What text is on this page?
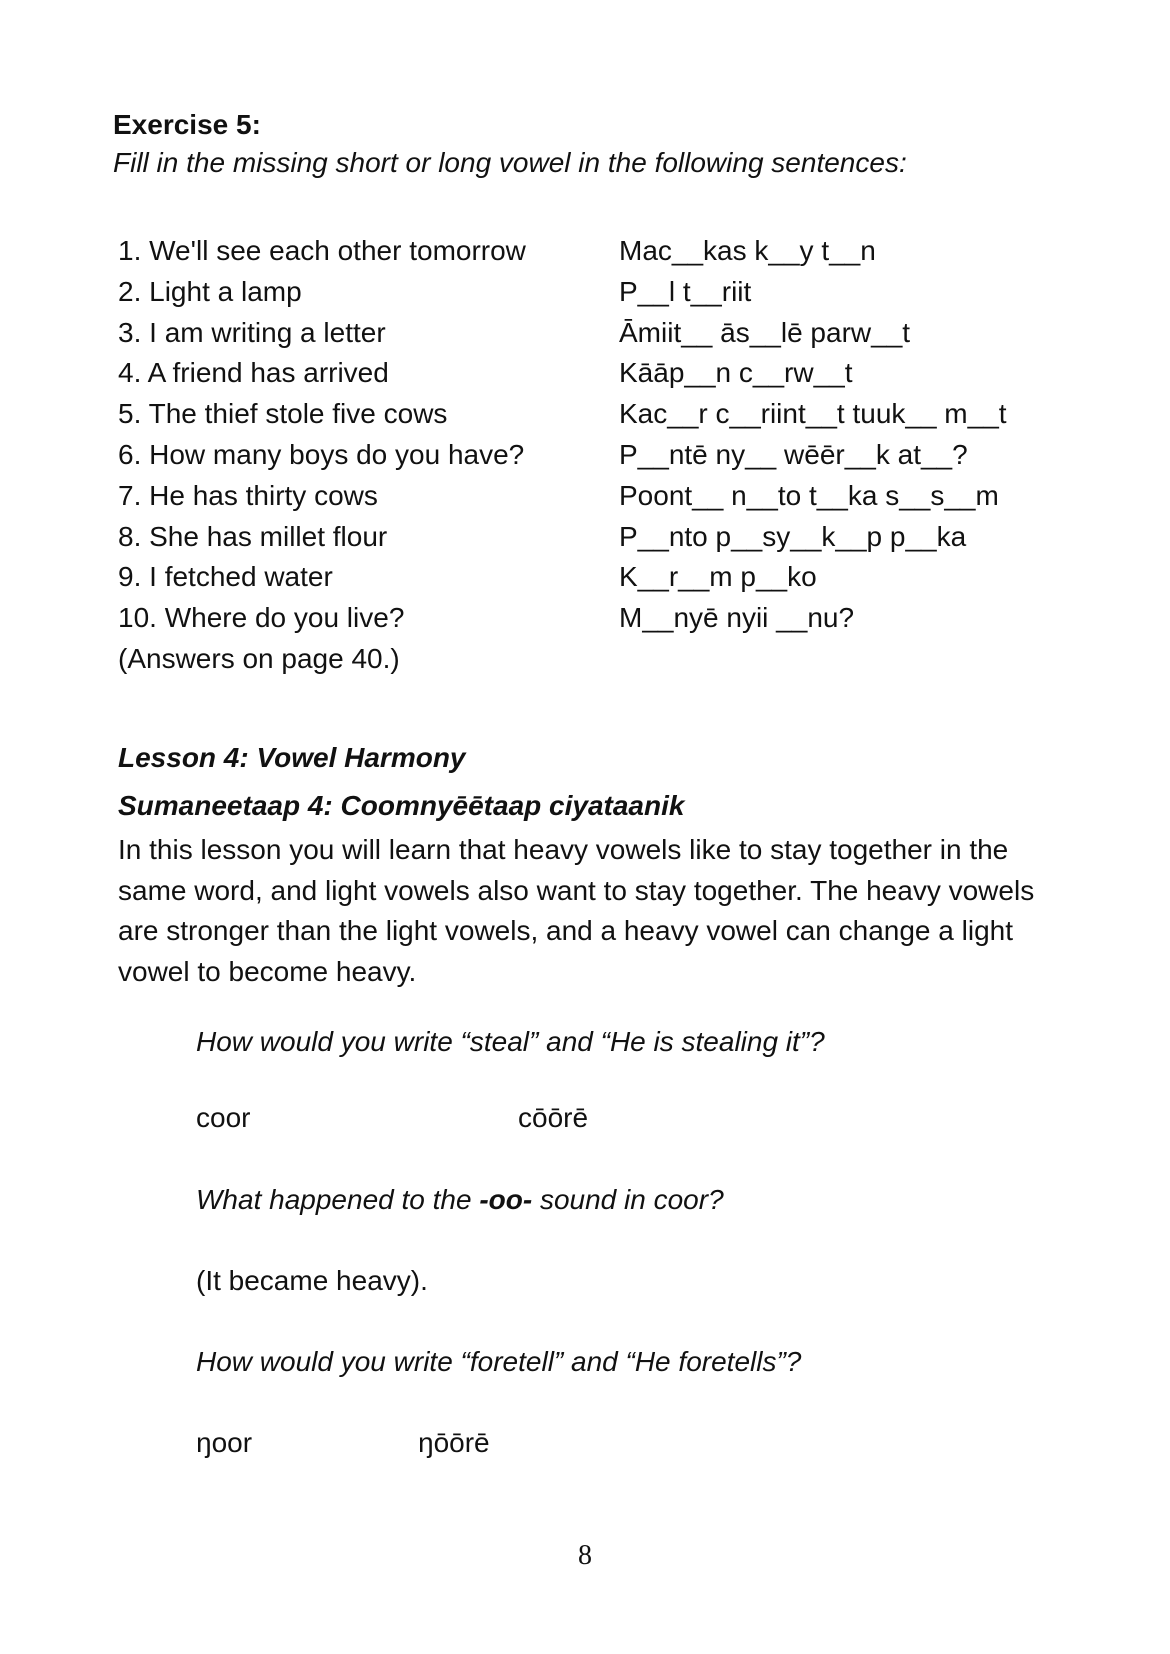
Exercise 5:
Fill in the missing short or long vowel in the following sentences:
1. We'll see each other tomorrow	Mac__kas k__y t__n
2. Light a lamp	P__l t__riit
3. I am writing a letter	Āmiit__ ās__lē parw__t
4. A friend has arrived	Kāāp__n c__rw__t
5. The thief stole five cows	Kac__r c__riint__t tuuk__ m__t
6. How many boys do you have?	P__ntē ny__ wēēr__k at__?
7. He has thirty cows	Poont__ n__to t__ka s__s__m
8. She has millet flour	P__nto p__sy__k__p p__ka
9. I fetched water	K__r__m p__ko
10. Where do you live?	M__nyē nyii __nu?
(Answers on page 40.)
Lesson 4: Vowel Harmony
Sumaneetaap 4: Coomnyēētaap ciyataanik
In this lesson you will learn that heavy vowels like to stay together in the same word, and light vowels also want to stay together. The heavy vowels are stronger than the light vowels, and a heavy vowel can change a light vowel to become heavy.
How would you write “steal” and “He is stealing it”?
coor	cōōrē
What happened to the -oo- sound in coor?
(It became heavy).
How would you write “foretell” and “He foretells”?
ŋoor	ŋōōrē
8
